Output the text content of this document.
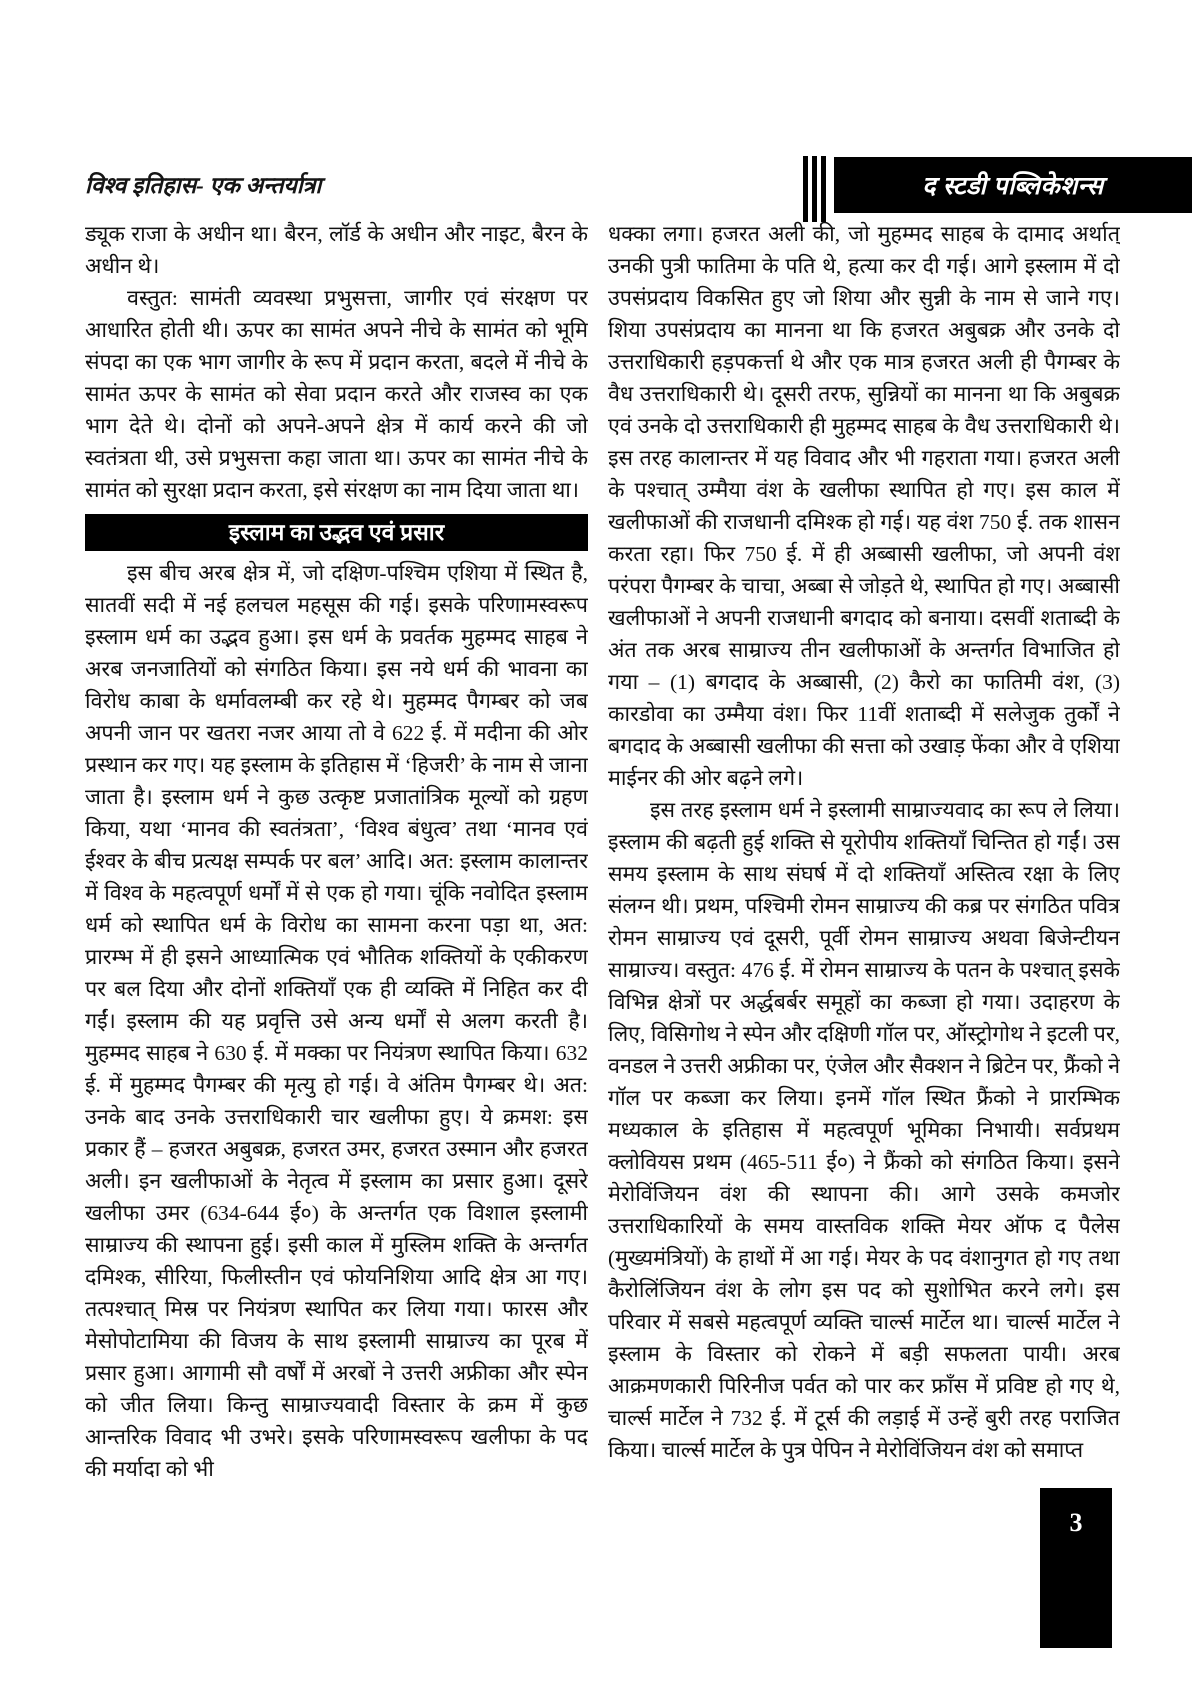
विश्व इतिहास- एक अन्तर्यात्रा	द स्टडी पब्लिकेशन्स

ड्यूक राजा के अधीन था। बैरन, लॉर्ड के अधीन और नाइट, बैरन के अधीन थे।

वस्तुत: सामंती व्यवस्था प्रभुसत्ता, जागीर एवं संरक्षण पर आधारित होती थी। ऊपर का सामंत अपने नीचे के सामंत को भूमि संपदा का एक भाग जागीर के रूप में प्रदान करता, बदले में नीचे के सामंत ऊपर के सामंत को सेवा प्रदान करते और राजस्व का एक भाग देते थे। दोनों को अपने-अपने क्षेत्र में कार्य करने की जो स्वतंत्रता थी, उसे प्रभुसत्ता कहा जाता था। ऊपर का सामंत नीचे के सामंत को सुरक्षा प्रदान करता, इसे संरक्षण का नाम दिया जाता था।

इस्लाम का उद्भव एवं प्रसार

इस बीच अरब क्षेत्र में, जो दक्षिण-पश्चिम एशिया में स्थित है, सातवीं सदी में नई हलचल महसूस की गई। इसके परिणामस्वरूप इस्लाम धर्म का उद्भव हुआ। इस धर्म के प्रवर्तक मुहम्मद साहब ने अरब जनजातियों को संगठित किया। इस नये धर्म की भावना का विरोध काबा के धर्मावलम्बी कर रहे थे। मुहम्मद पैगम्बर को जब अपनी जान पर खतरा नजर आया तो वे 622 ई. में मदीना की ओर प्रस्थान कर गए। यह इस्लाम के इतिहास में ‘हिजरी’ के नाम से जाना जाता है। इस्लाम धर्म ने कुछ उत्कृष्ट प्रजातांत्रिक मूल्यों को ग्रहण किया, यथा ‘मानव की स्वतंत्रता’, ‘विश्व बंधुत्व’ तथा ‘मानव एवं ईश्वर के बीच प्रत्यक्ष सम्पर्क पर बल’ आदि। अत: इस्लाम कालान्तर में विश्व के महत्वपूर्ण धर्मों में से एक हो गया। चूंकि नवोदित इस्लाम धर्म को स्थापित धर्म के विरोध का सामना करना पड़ा था, अत: प्रारम्भ में ही इसने आध्यात्मिक एवं भौतिक शक्तियों के एकीकरण पर बल दिया और दोनों शक्तियाँ एक ही व्यक्ति में निहित कर दी गईं। इस्लाम की यह प्रवृत्ति उसे अन्य धर्मों से अलग करती है। मुहम्मद साहब ने 630 ई. में मक्का पर नियंत्रण स्थापित किया। 632 ई. में मुहम्मद पैगम्बर की मृत्यु हो गई। वे अंतिम पैगम्बर थे। अत: उनके बाद उनके उत्तराधिकारी चार खलीफा हुए। ये क्रमश: इस प्रकार हैं – हजरत अबुबक्र, हजरत उमर, हजरत उस्मान और हजरत अली। इन खलीफाओं के नेतृत्व में इस्लाम का प्रसार हुआ। दूसरे खलीफा उमर (634-644 ई०) के अन्तर्गत एक विशाल इस्लामी साम्राज्य की स्थापना हुई। इसी काल में मुस्लिम शक्ति के अन्तर्गत दमिश्क, सीरिया, फिलीस्तीन एवं फोयनिशिया आदि क्षेत्र आ गए। तत्पश्चात् मिस्र पर नियंत्रण स्थापित कर लिया गया। फारस और मेसोपोटामिया की विजय के साथ इस्लामी साम्राज्य का पूरब में प्रसार हुआ। आगामी सौ वर्षों में अरबों ने उत्तरी अफ्रीका और स्पेन को जीत लिया। किन्तु साम्राज्यवादी विस्तार के क्रम में कुछ आन्तरिक विवाद भी उभरे। इसके परिणामस्वरूप खलीफा के पद की मर्यादा को भी

धक्का लगा। हजरत अली की, जो मुहम्मद साहब के दामाद अर्थात् उनकी पुत्री फातिमा के पति थे, हत्या कर दी गई। आगे इस्लाम में दो उपसंप्रदाय विकसित हुए जो शिया और सुन्नी के नाम से जाने गए। शिया उपसंप्रदाय का मानना था कि हजरत अबुबक्र और उनके दो उत्तराधिकारी हड़पकर्त्ता थे और एक मात्र हजरत अली ही पैगम्बर के वैध उत्तराधिकारी थे। दूसरी तरफ, सुन्नियों का मानना था कि अबुबक्र एवं उनके दो उत्तराधिकारी ही मुहम्मद साहब के वैध उत्तराधिकारी थे। इस तरह कालान्तर में यह विवाद और भी गहराता गया। हजरत अली के पश्चात् उम्मैया वंश के खलीफा स्थापित हो गए। इस काल में खलीफाओं की राजधानी दमिश्क हो गई। यह वंश 750 ई. तक शासन करता रहा। फिर 750 ई. में ही अब्बासी खलीफा, जो अपनी वंश परंपरा पैगम्बर के चाचा, अब्बा से जोड़ते थे, स्थापित हो गए। अब्बासी खलीफाओं ने अपनी राजधानी बगदाद को बनाया। दसवीं शताब्दी के अंत तक अरब साम्राज्य तीन खलीफाओं के अन्तर्गत विभाजित हो गया – (1) बगदाद के अब्बासी, (2) कैरो का फातिमी वंश, (3) कारडोवा का उम्मैया वंश। फिर 11वीं शताब्दी में सलेजुक तुर्कों ने बगदाद के अब्बासी खलीफा की सत्ता को उखाड़ फेंका और वे एशिया माईनर की ओर बढ़ने लगे।

इस तरह इस्लाम धर्म ने इस्लामी साम्राज्यवाद का रूप ले लिया। इस्लाम की बढ़ती हुई शक्ति से यूरोपीय शक्तियाँ चिन्तित हो गईं। उस समय इस्लाम के साथ संघर्ष में दो शक्तियाँ अस्तित्व रक्षा के लिए संलग्न थी। प्रथम, पश्चिमी रोमन साम्राज्य की कब्र पर संगठित पवित्र रोमन साम्राज्य एवं दूसरी, पूर्वी रोमन साम्राज्य अथवा बिजेन्टीयन साम्राज्य। वस्तुत: 476 ई. में रोमन साम्राज्य के पतन के पश्चात् इसके विभिन्न क्षेत्रों पर अर्द्धबर्बर समूहों का कब्जा हो गया। उदाहरण के लिए, विसिगोथ ने स्पेन और दक्षिणी गॉल पर, ऑस्ट्रोगोथ ने इटली पर, वनडल ने उत्तरी अफ्रीका पर, एंजेल और सैक्शन ने ब्रिटेन पर, फ्रैंको ने गॉल पर कब्जा कर लिया। इनमें गॉल स्थित फ्रैंको ने प्रारम्भिक मध्यकाल के इतिहास में महत्वपूर्ण भूमिका निभायी। सर्वप्रथम क्लोवियस प्रथम (465-511 ई०) ने फ्रैंको को संगठित किया। इसने मेरोविंजियन वंश की स्थापना की। आगे उसके कमजोर उत्तराधिकारियों के समय वास्तविक शक्ति मेयर ऑफ द पैलेस (मुख्यमंत्रियों) के हाथों में आ गई। मेयर के पद वंशानुगत हो गए तथा कैरोलिंजियन वंश के लोग इस पद को सुशोभित करने लगे। इस परिवार में सबसे महत्वपूर्ण व्यक्ति चार्ल्स मार्टेल था। चार्ल्स मार्टेल ने इस्लाम के विस्तार को रोकने में बड़ी सफलता पायी। अरब आक्रमणकारी पिरिनीज पर्वत को पार कर फ्राँस में प्रविष्ट हो गए थे, चार्ल्स मार्टेल ने 732 ई. में टूर्स की लड़ाई में उन्हें बुरी तरह पराजित किया। चार्ल्स मार्टेल के पुत्र पेपिन ने मेरोविंजियन वंश को समाप्त

3
